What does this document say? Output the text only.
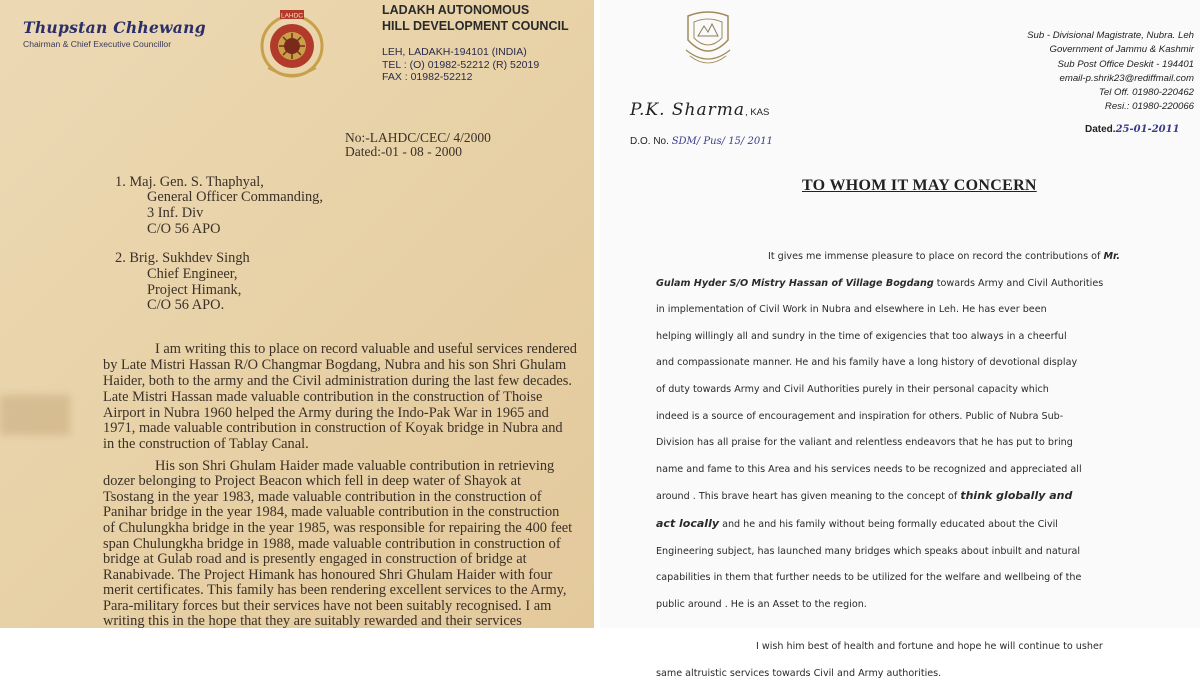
Thupstan Chhewang
Chairman & Chief Executive Councillor
LAHDC	LADAKH AUTONOMOUS
HILL DEVELOPMENT COUNCIL
LEH, LADAKH-194101 (INDIA)
TEL : (O) 01982-52212 (R) 52019
FAX : 01982-52212
No:-LAHDC/CEC/ 4/2000
Dated:-01 - 08 - 2000
1. Maj. Gen. S. Thaphyal,
General Officer Commanding,
3 Inf. Div
C/O 56 APO
2. Brig. Sukhdev Singh
Chief Engineer,
Project Himank,
C/O 56 APO.
I am writing this to place on record valuable and useful services rendered
by Late Mistri Hassan R/O Changmar Bogdang, Nubra and his son Shri Ghulam
Haider, both to the army and the Civil administration during the last few decades.
Late Mistri Hassan made valuable contribution in the construction of Thoise
Airport in Nubra 1960 helped the Army during the Indo-Pak War in 1965 and
1971, made valuable contribution in construction of Koyak bridge in Nubra and
in the construction of Tablay Canal.
His son Shri Ghulam Haider made valuable contribution in retrieving
dozer belonging to Project Beacon which fell in deep water of Shayok at
Tsostang in the year 1983, made valuable contribution in the construction of
Panihar bridge in the year 1984, made valuable contribution in the construction
of Chulungkha bridge in the year 1985, was responsible for repairing the 400 feet
span Chulungkha bridge in 1988, made valuable contribution in construction of
bridge at Gulab road and is presently engaged in construction of bridge at
Ranabivade. The Project Himank has honoured Shri Ghulam Haider with four
merit certificates. This family has been rendering excellent services to the Army,
Para-military forces but their services have not been suitably recognised. I am
writing this in the hope that they are suitably rewarded and their services
Sub - Divisional Magistrate, Nubra. Leh
Government of Jammu & Kashmir
Sub Post Office Deskit - 194401
email-p.shrik23@rediffmail.com
Tel Off. 01980-220462
Resi.: 01980-220066
P.K. Sharma, KAS
D.O. No. SDM/ Pus/ 15/ 2011
Dated.25-01-2011
TO WHOM IT MAY CONCERN
It gives me immense pleasure to place on record the contributions of Mr.
Gulam Hyder S/O Mistry Hassan of Village Bogdang towards Army and Civil Authorities
in implementation of Civil Work in Nubra and elsewhere in Leh. He has ever been
helping willingly all and sundry in the time of exigencies that too always in a cheerful
and compassionate manner. He and his family have a long history of devotional display
of duty towards Army and Civil Authorities purely in their personal capacity which
indeed is a source of encouragement and inspiration for others. Public of Nubra Sub-
Division has all praise for the valiant and relentless endeavors that he has put to bring
name and fame to this Area and his services needs to be recognized and appreciated all
around . This brave heart has given meaning to the concept of think globally and
act locally and he and his family without being formally educated about the Civil
Engineering subject, has launched many bridges which speaks about inbuilt and natural
capabilities in them that further needs to be utilized for the welfare and wellbeing of the
public around . He is an Asset to the region.
I wish him best of health and fortune and hope he will continue to usher
same altruistic services towards Civil and Army authorities.
